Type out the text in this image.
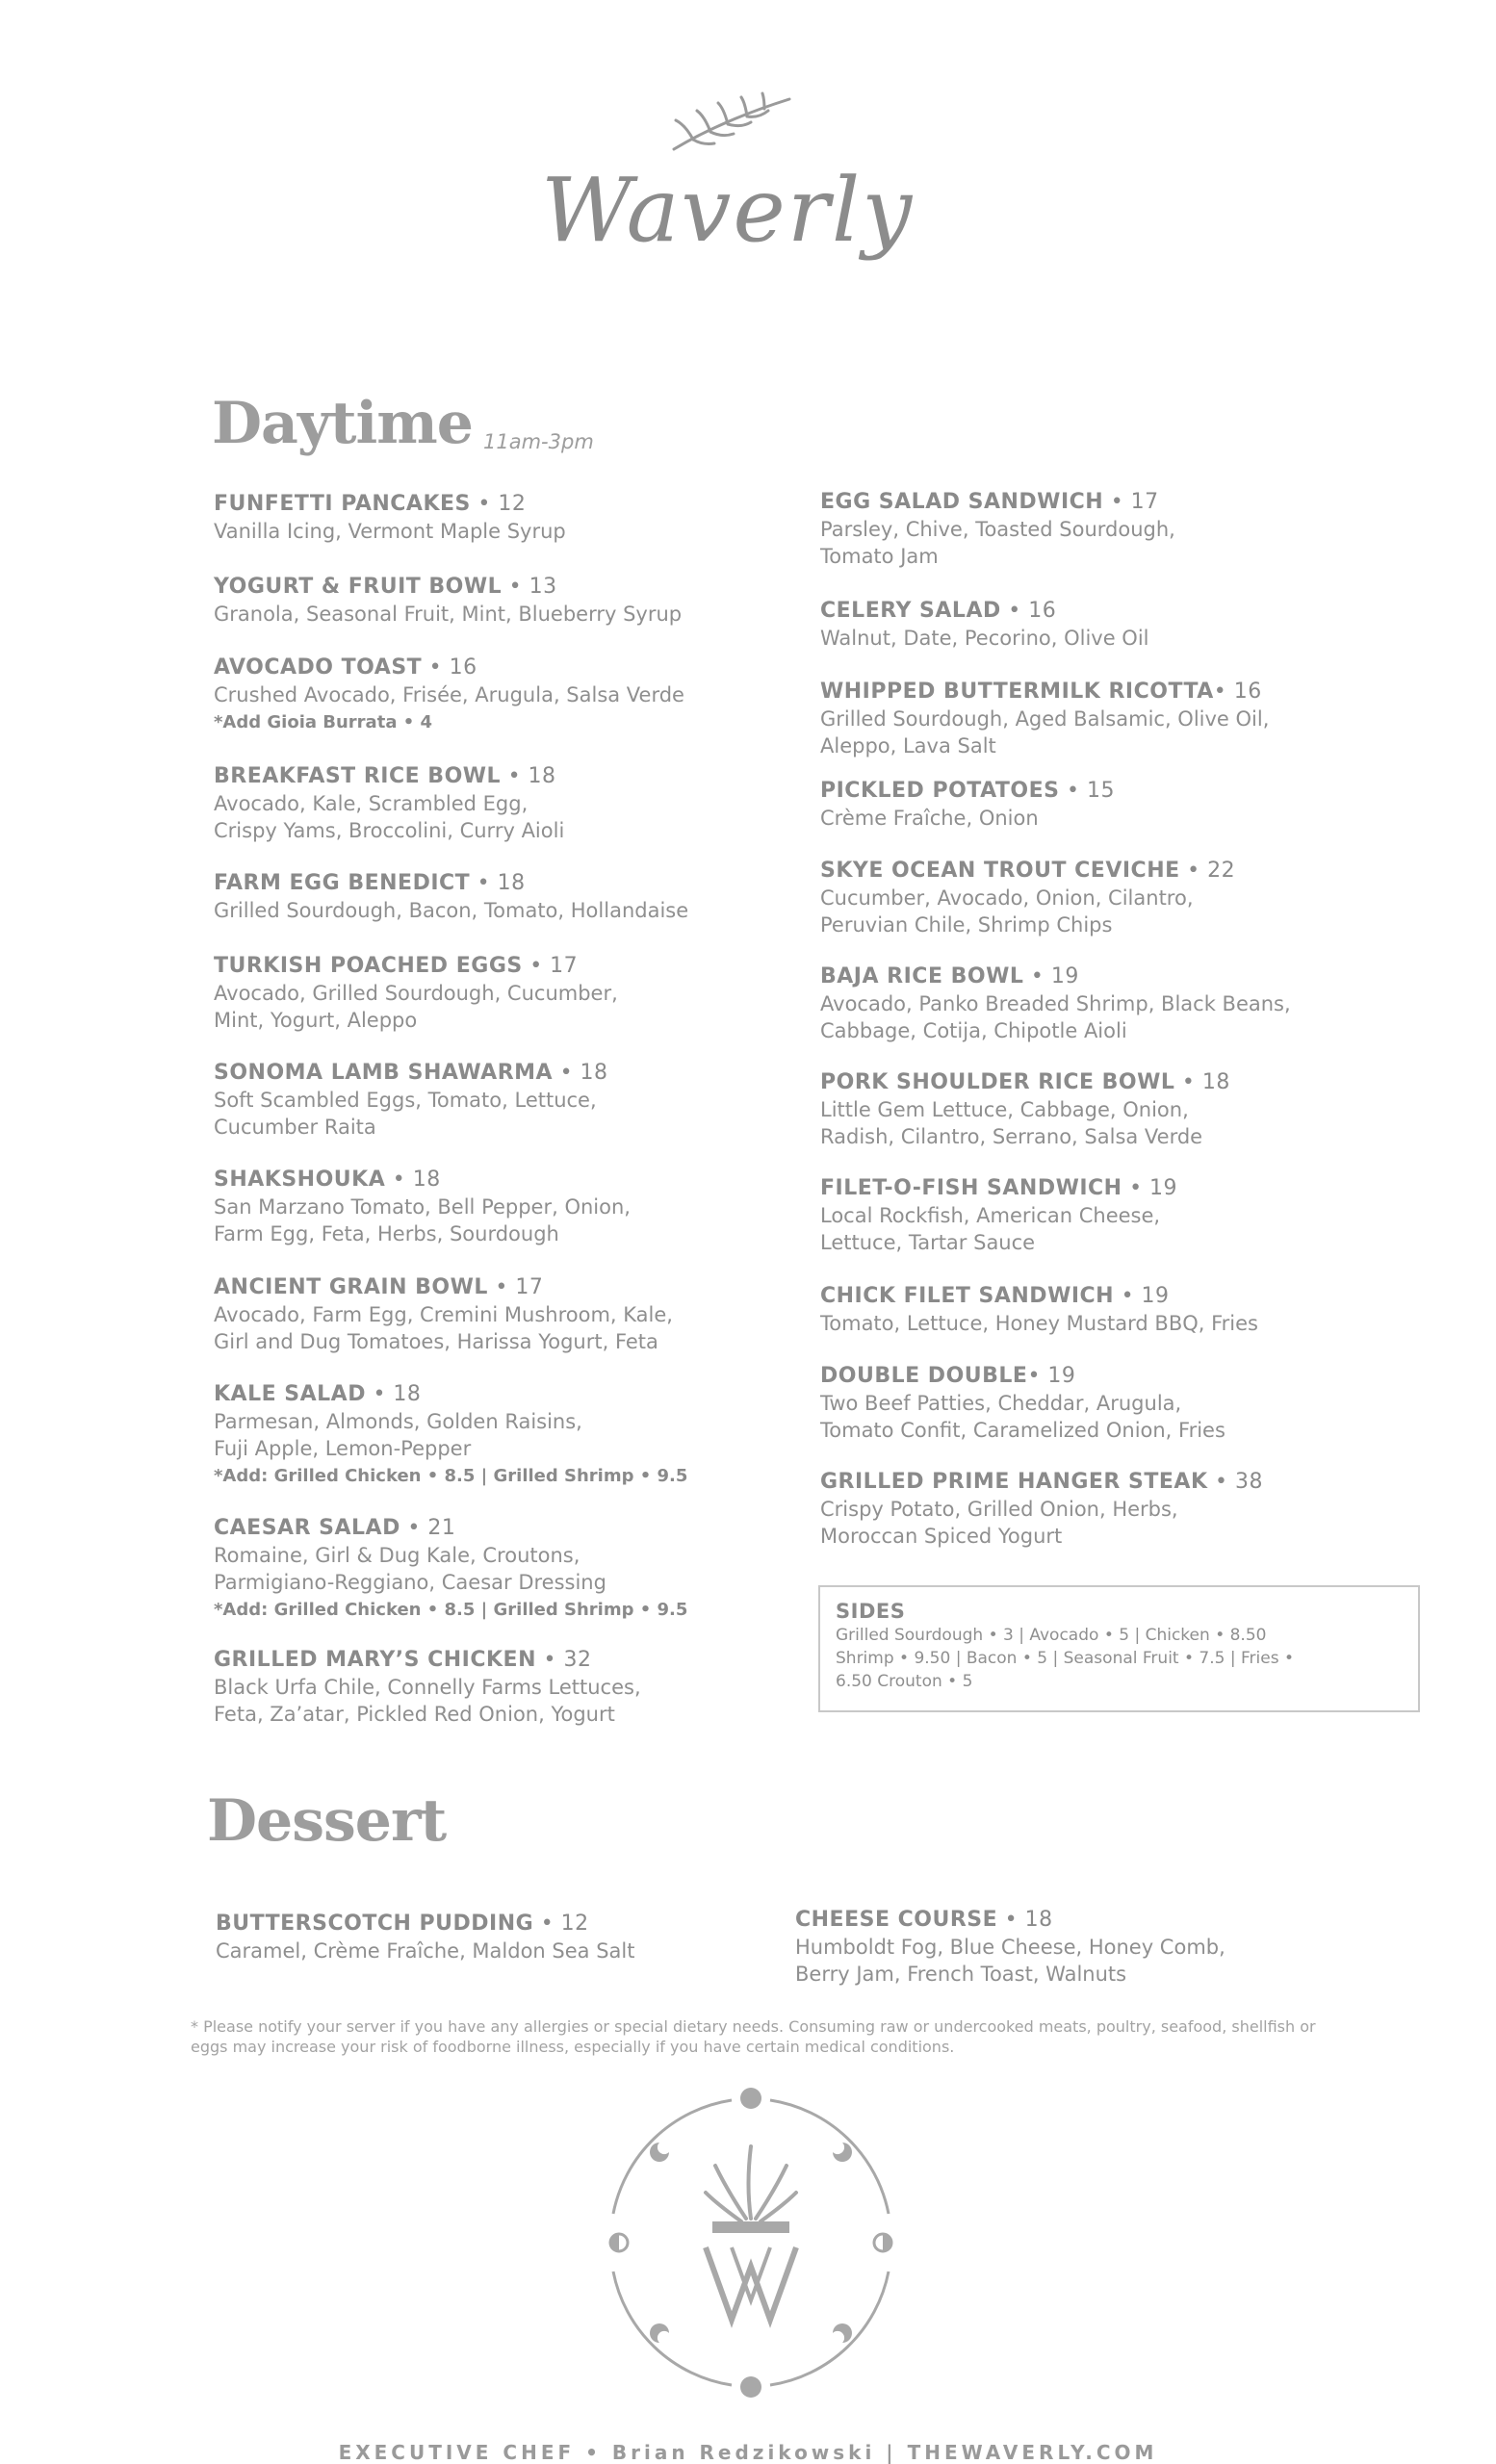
Waverly
Daytime 11am-3pm
FUNFETTI PANCAKES • 12
Vanilla Icing, Vermont Maple Syrup
YOGURT & FRUIT BOWL • 13
Granola, Seasonal Fruit, Mint, Blueberry Syrup
AVOCADO TOAST • 16
Crushed Avocado, Frisée, Arugula, Salsa Verde
*Add Gioia Burrata • 4
BREAKFAST RICE BOWL • 18
Avocado, Kale, Scrambled Egg,
Crispy Yams, Broccolini, Curry Aioli
FARM EGG BENEDICT • 18
Grilled Sourdough, Bacon, Tomato, Hollandaise
TURKISH POACHED EGGS • 17
Avocado, Grilled Sourdough, Cucumber,
Mint, Yogurt, Aleppo
SONOMA LAMB SHAWARMA • 18
Soft Scambled Eggs, Tomato, Lettuce,
Cucumber Raita
SHAKSHOUKA • 18
San Marzano Tomato, Bell Pepper, Onion,
Farm Egg, Feta, Herbs, Sourdough
ANCIENT GRAIN BOWL • 17
Avocado, Farm Egg, Cremini Mushroom, Kale,
Girl and Dug Tomatoes, Harissa Yogurt, Feta
KALE SALAD • 18
Parmesan, Almonds, Golden Raisins,
Fuji Apple, Lemon-Pepper
*Add: Grilled Chicken • 8.5 | Grilled Shrimp • 9.5
CAESAR SALAD • 21
Romaine, Girl & Dug Kale, Croutons,
Parmigiano-Reggiano, Caesar Dressing
*Add: Grilled Chicken • 8.5 | Grilled Shrimp • 9.5
GRILLED MARY’S CHICKEN • 32
Black Urfa Chile, Connelly Farms Lettuces,
Feta, Za’atar, Pickled Red Onion, Yogurt
EGG SALAD SANDWICH • 17
Parsley, Chive, Toasted Sourdough,
Tomato Jam
CELERY SALAD • 16
Walnut, Date, Pecorino, Olive Oil
WHIPPED BUTTERMILK RICOTTA• 16
Grilled Sourdough, Aged Balsamic, Olive Oil,
Aleppo, Lava Salt
PICKLED POTATOES • 15
Crème Fraîche, Onion
SKYE OCEAN TROUT CEVICHE • 22
Cucumber, Avocado, Onion, Cilantro,
Peruvian Chile, Shrimp Chips
BAJA RICE BOWL • 19
Avocado, Panko Breaded Shrimp, Black Beans,
Cabbage, Cotija, Chipotle Aioli
PORK SHOULDER RICE BOWL • 18
Little Gem Lettuce, Cabbage, Onion,
Radish, Cilantro, Serrano, Salsa Verde
FILET-O-FISH SANDWICH • 19
Local Rockfish, American Cheese,
Lettuce, Tartar Sauce
CHICK FILET SANDWICH • 19
Tomato, Lettuce, Honey Mustard BBQ, Fries
DOUBLE DOUBLE• 19
Two Beef Patties, Cheddar, Arugula,
Tomato Confit, Caramelized Onion, Fries
GRILLED PRIME HANGER STEAK • 38
Crispy Potato, Grilled Onion, Herbs,
Moroccan Spiced Yogurt
SIDES
Grilled Sourdough • 3 | Avocado • 5 | Chicken • 8.50
Shrimp • 9.50 | Bacon • 5 | Seasonal Fruit • 7.5 | Fries •
6.50 Crouton • 5
Dessert
BUTTERSCOTCH PUDDING • 12
Caramel, Crème Fraîche, Maldon Sea Salt
CHEESE COURSE • 18
Humboldt Fog, Blue Cheese, Honey Comb,
Berry Jam, French Toast, Walnuts
* Please notify your server if you have any allergies or special dietary needs. Consuming raw or undercooked meats, poultry, seafood, shellfish or eggs may increase your risk of foodborne illness, especially if you have certain medical conditions.
EXECUTIVE CHEF • Brian Redzikowski | THEWAVERLY.COM
